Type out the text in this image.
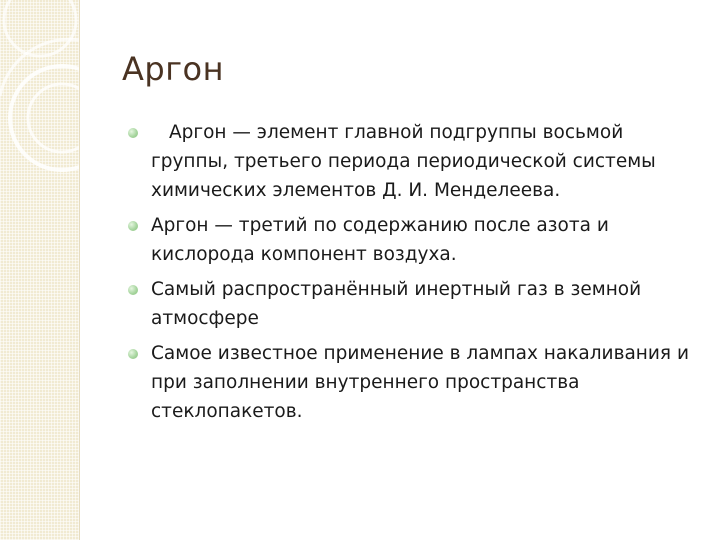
Аргон
Аргон — элемент главной подгруппы восьмой группы, третьего периода периодической системы химических элементов Д. И. Менделеева.
Аргон — третий по содержанию после азота и кислорода компонент воздуха.
Самый распространённый инертный газ в земной атмосфере
Самое известное применение в лампах накаливания и при заполнении внутреннего пространства стеклопакетов.
